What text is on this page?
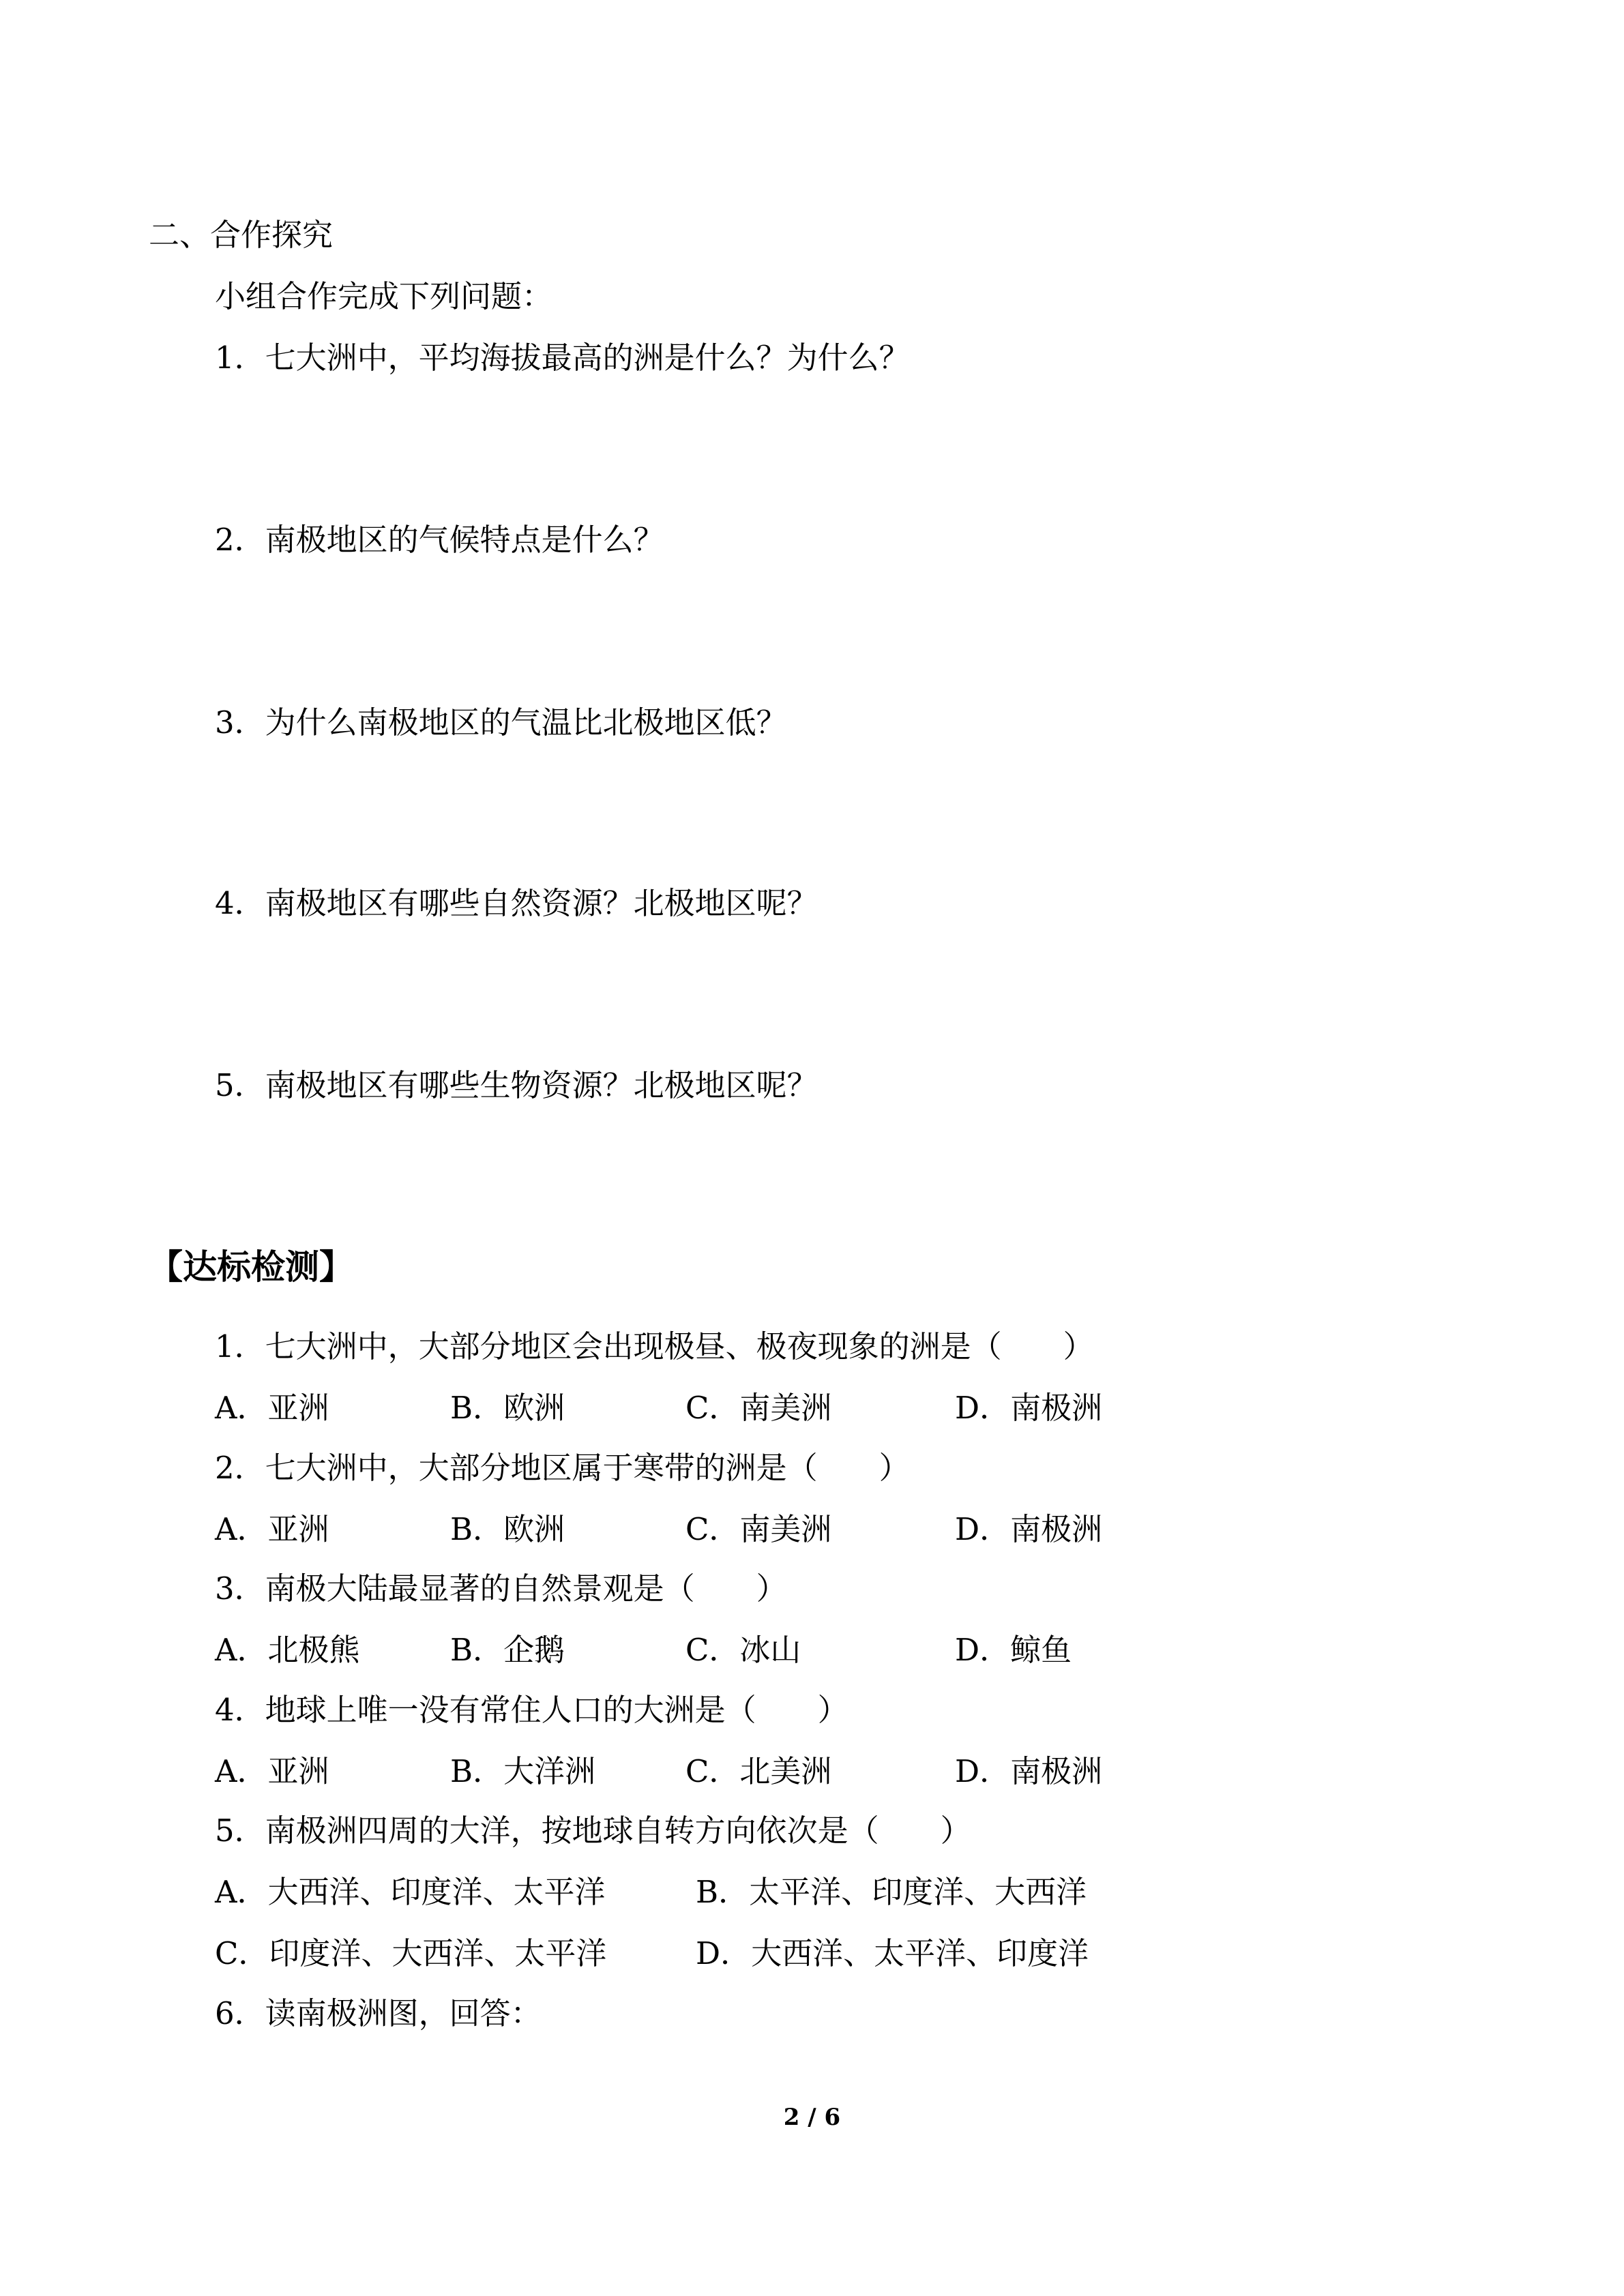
二、合作探究

小组合作完成下列问题：

1．七大洲中，平均海拔最高的洲是什么？为什么？

2．南极地区的气候特点是什么？

3．为什么南极地区的气温比北极地区低？

4．南极地区有哪些自然资源？北极地区呢？

5．南极地区有哪些生物资源？北极地区呢？

【达标检测】

1．七大洲中，大部分地区会出现极昼、极夜现象的洲是（　　）

A．亚洲	B．欧洲	C．南美洲	D．南极洲

2．七大洲中，大部分地区属于寒带的洲是（　　）

A．亚洲	B．欧洲	C．南美洲	D．南极洲

3．南极大陆最显著的自然景观是（　　）

A．北极熊	B．企鹅	C．冰山	D．鲸鱼

4．地球上唯一没有常住人口的大洲是（　　）

A．亚洲	B．大洋洲	C．北美洲	D．南极洲

5．南极洲四周的大洋，按地球自转方向依次是（　　）

A．大西洋、印度洋、太平洋	B．太平洋、印度洋、大西洋
C．印度洋、大西洋、太平洋	D．大西洋、太平洋、印度洋

6．读南极洲图，回答：

2 / 6
